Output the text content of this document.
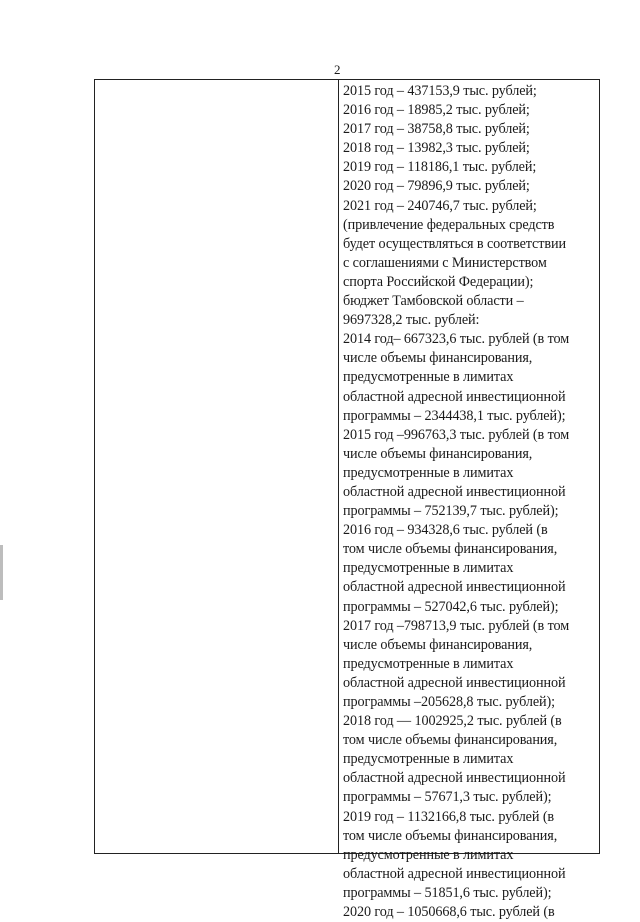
2
2015 год – 437153,9 тыс. рублей;
2016 год – 18985,2 тыс. рублей;
2017 год – 38758,8 тыс. рублей;
2018 год – 13982,3 тыс. рублей;
2019 год – 118186,1 тыс. рублей;
2020 год – 79896,9 тыс. рублей;
2021 год – 240746,7 тыс. рублей;
(привлечение федеральных средств
будет осуществляться в соответствии
с соглашениями с Министерством
спорта Российской Федерации);
бюджет Тамбовской области –
9697328,2 тыс. рублей:
2014 год– 667323,6 тыс. рублей (в том
числе объемы финансирования,
предусмотренные в лимитах
областной адресной инвестиционной
программы – 2344438,1 тыс. рублей);
2015 год –996763,3 тыс. рублей (в том
числе объемы финансирования,
предусмотренные в лимитах
областной адресной инвестиционной
программы – 752139,7 тыс. рублей);
2016 год – 934328,6 тыс. рублей (в
том числе объемы финансирования,
предусмотренные в лимитах
областной адресной инвестиционной
программы – 527042,6 тыс. рублей);
2017 год –798713,9 тыс. рублей (в том
числе объемы финансирования,
предусмотренные в лимитах
областной адресной инвестиционной
программы –205628,8 тыс. рублей);
2018 год — 1002925,2 тыс. рублей (в
том числе объемы финансирования,
предусмотренные в лимитах
областной адресной инвестиционной
программы – 57671,3 тыс. рублей);
2019 год – 1132166,8 тыс. рублей (в
том числе объемы финансирования,
предусмотренные в лимитах
областной адресной инвестиционной
программы – 51851,6 тыс. рублей);
2020 год – 1050668,6 тыс. рублей (в
